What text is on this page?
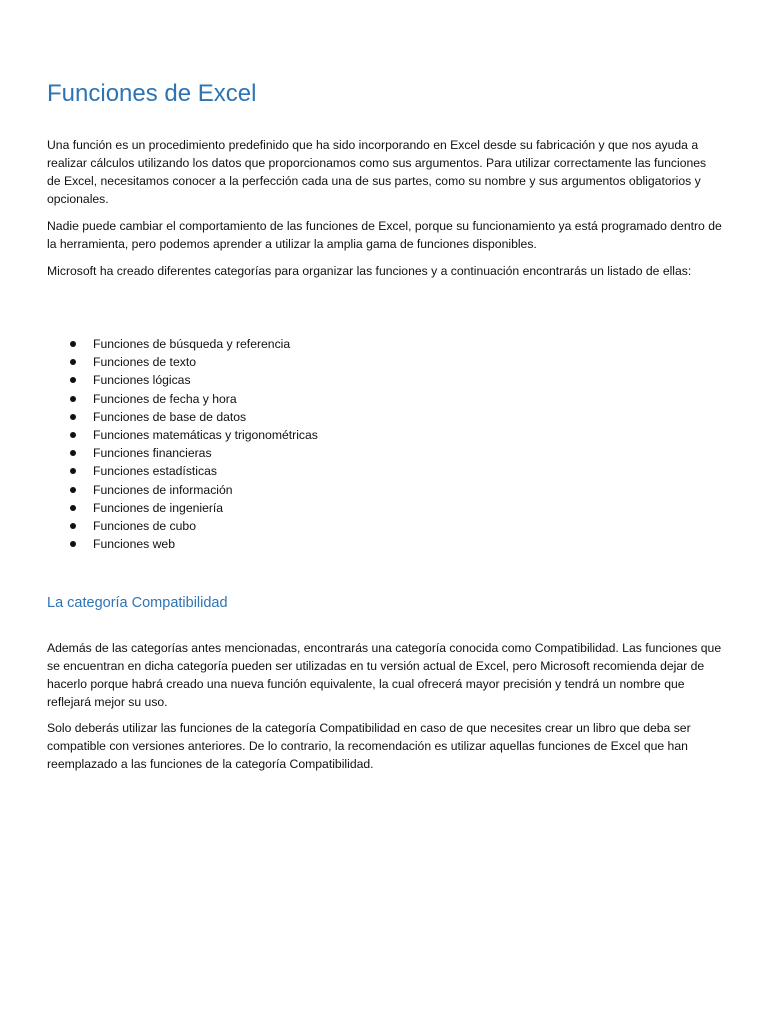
Funciones de Excel

Una función es un procedimiento predefinido que ha sido incorporando en Excel desde su fabricación y que nos ayuda a realizar cálculos utilizando los datos que proporcionamos como sus argumentos. Para utilizar correctamente las funciones de Excel, necesitamos conocer a la perfección cada una de sus partes, como su nombre y sus argumentos obligatorios y opcionales.

Nadie puede cambiar el comportamiento de las funciones de Excel, porque su funcionamiento ya está programado dentro de la herramienta, pero podemos aprender a utilizar la amplia gama de funciones disponibles.

Microsoft ha creado diferentes categorías para organizar las funciones y a continuación encontrarás un listado de ellas:

Funciones de búsqueda y referencia
Funciones de texto
Funciones lógicas
Funciones de fecha y hora
Funciones de base de datos
Funciones matemáticas y trigonométricas
Funciones financieras
Funciones estadísticas
Funciones de información
Funciones de ingeniería
Funciones de cubo
Funciones web
La categoría Compatibilidad

Además de las categorías antes mencionadas, encontrarás una categoría conocida como Compatibilidad. Las funciones que se encuentran en dicha categoría pueden ser utilizadas en tu versión actual de Excel, pero Microsoft recomienda dejar de hacerlo porque habrá creado una nueva función equivalente, la cual ofrecerá mayor precisión y tendrá un nombre que reflejará mejor su uso.

Solo deberás utilizar las funciones de la categoría Compatibilidad en caso de que necesites crear un libro que deba ser compatible con versiones anteriores. De lo contrario, la recomendación es utilizar aquellas funciones de Excel que han reemplazado a las funciones de la categoría Compatibilidad.
